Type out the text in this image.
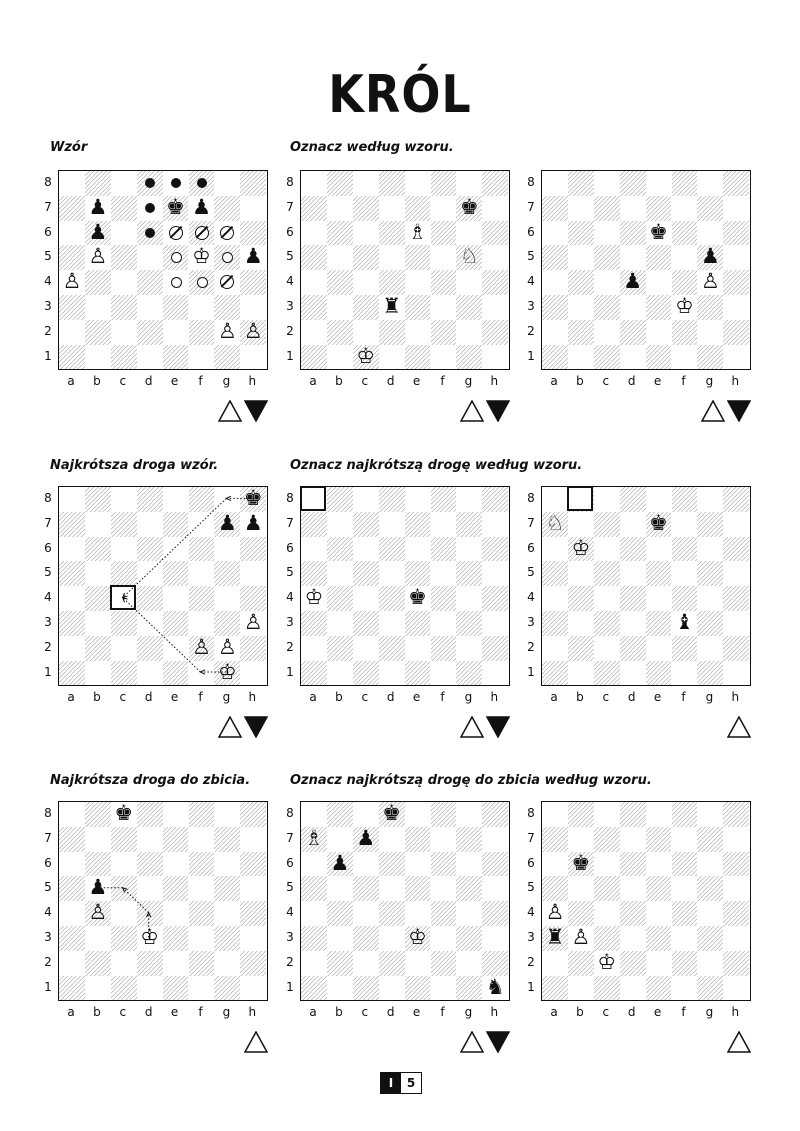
KRÓL
Wzór	Oznacz według wzoru.
Najkrótsza droga wzór.	Oznacz najkrótszą drogę według wzoru.
Najkrótsza droga do zbicia.	Oznacz najkrótszą drogę do zbicia według wzoru.
8
7
6
5
4
3
2
1
a	b	c	d	e	f	g	h
♚ ♟
♟
♟
♔
♙	♟
♙
♙ ♙
8
7
6
5
4
3
2
1
a	b	c	d	e	f	g	h
♚
♗
♘
♜
♔
8
7
6
5
4
3
2
1
a	b	c	d	e	f	g	h
♚
♟
♟	♙
♔
8
7
6
5
4
3
2
1
a	b	c	d	e	f	g	h
♚
♟ ♟
♙
♙ ♙
♔
8
7
6
5
4
3
2
1
a	b	c	d	e	f	g	h
♔	♚
8
7
6
5
4
3
2
1
a	b	c	d	e	f	g	h
♘
♔
♚
♝
8
7
6
5
4
3
2
1
a	b	c	d	e	f	g	h
♚
♟
♙
♔
8
7
6
5
4
3
2
1
a	b	c	d	e	f	g	h
♚
♗ ♟
♟
♔
♞
8
7
6
5
4
3
2
1
a	b	c	d	e	f	g	h
♚
♙
♜ ♙
♔
I	5
